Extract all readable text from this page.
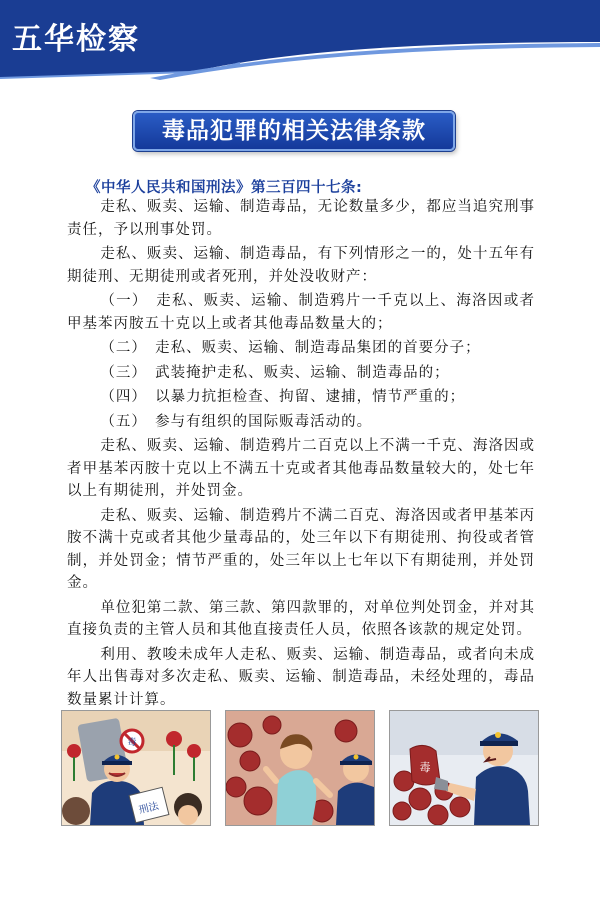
五华检察
毒品犯罪的相关法律条款
《中华人民共和国刑法》第三百四十七条:

走私、贩卖、运输、制造毒品，无论数量多少，都应当追究刑事责任，予以刑事处罚。

走私、贩卖、运输、制造毒品，有下列情形之一的，处十五年有期徒刑、无期徒刑或者死刑，并处没收财产：

（一）　走私、贩卖、运输、制造鸦片一千克以上、海洛因或者甲基苯丙胺五十克以上或者其他毒品数量大的；

（二）　走私、贩卖、运输、制造毒品集团的首要分子；

（三）　武装掩护走私、贩卖、运输、制造毒品的；

（四）　以暴力抗拒检查、拘留、逮捕，情节严重的；

（五）　参与有组织的国际贩毒活动的。

走私、贩卖、运输、制造鸦片二百克以上不满一千克、海洛因或者甲基苯丙胺十克以上不满五十克或者其他毒品数量较大的，处七年以上有期徒刑，并处罚金。

走私、贩卖、运输、制造鸦片不满二百克、海洛因或者甲基苯丙胺不满十克或者其他少量毒品的，处三年以下有期徒刑、拘役或者管制，并处罚金；情节严重的，处三年以上七年以下有期徒刑，并处罚金。

单位犯第二款、第三款、第四款罪的，对单位判处罚金，并对其直接负责的主管人员和其他直接责任人员，依照各该款的规定处罚。

利用、教唆未成年人走私、贩卖、运输、制造毒品，或者向未成年人出售毒对多次走私、贩卖、运输、制造毒品，未经处理的，毒品数量累计计算。

毒
刑法
毒
